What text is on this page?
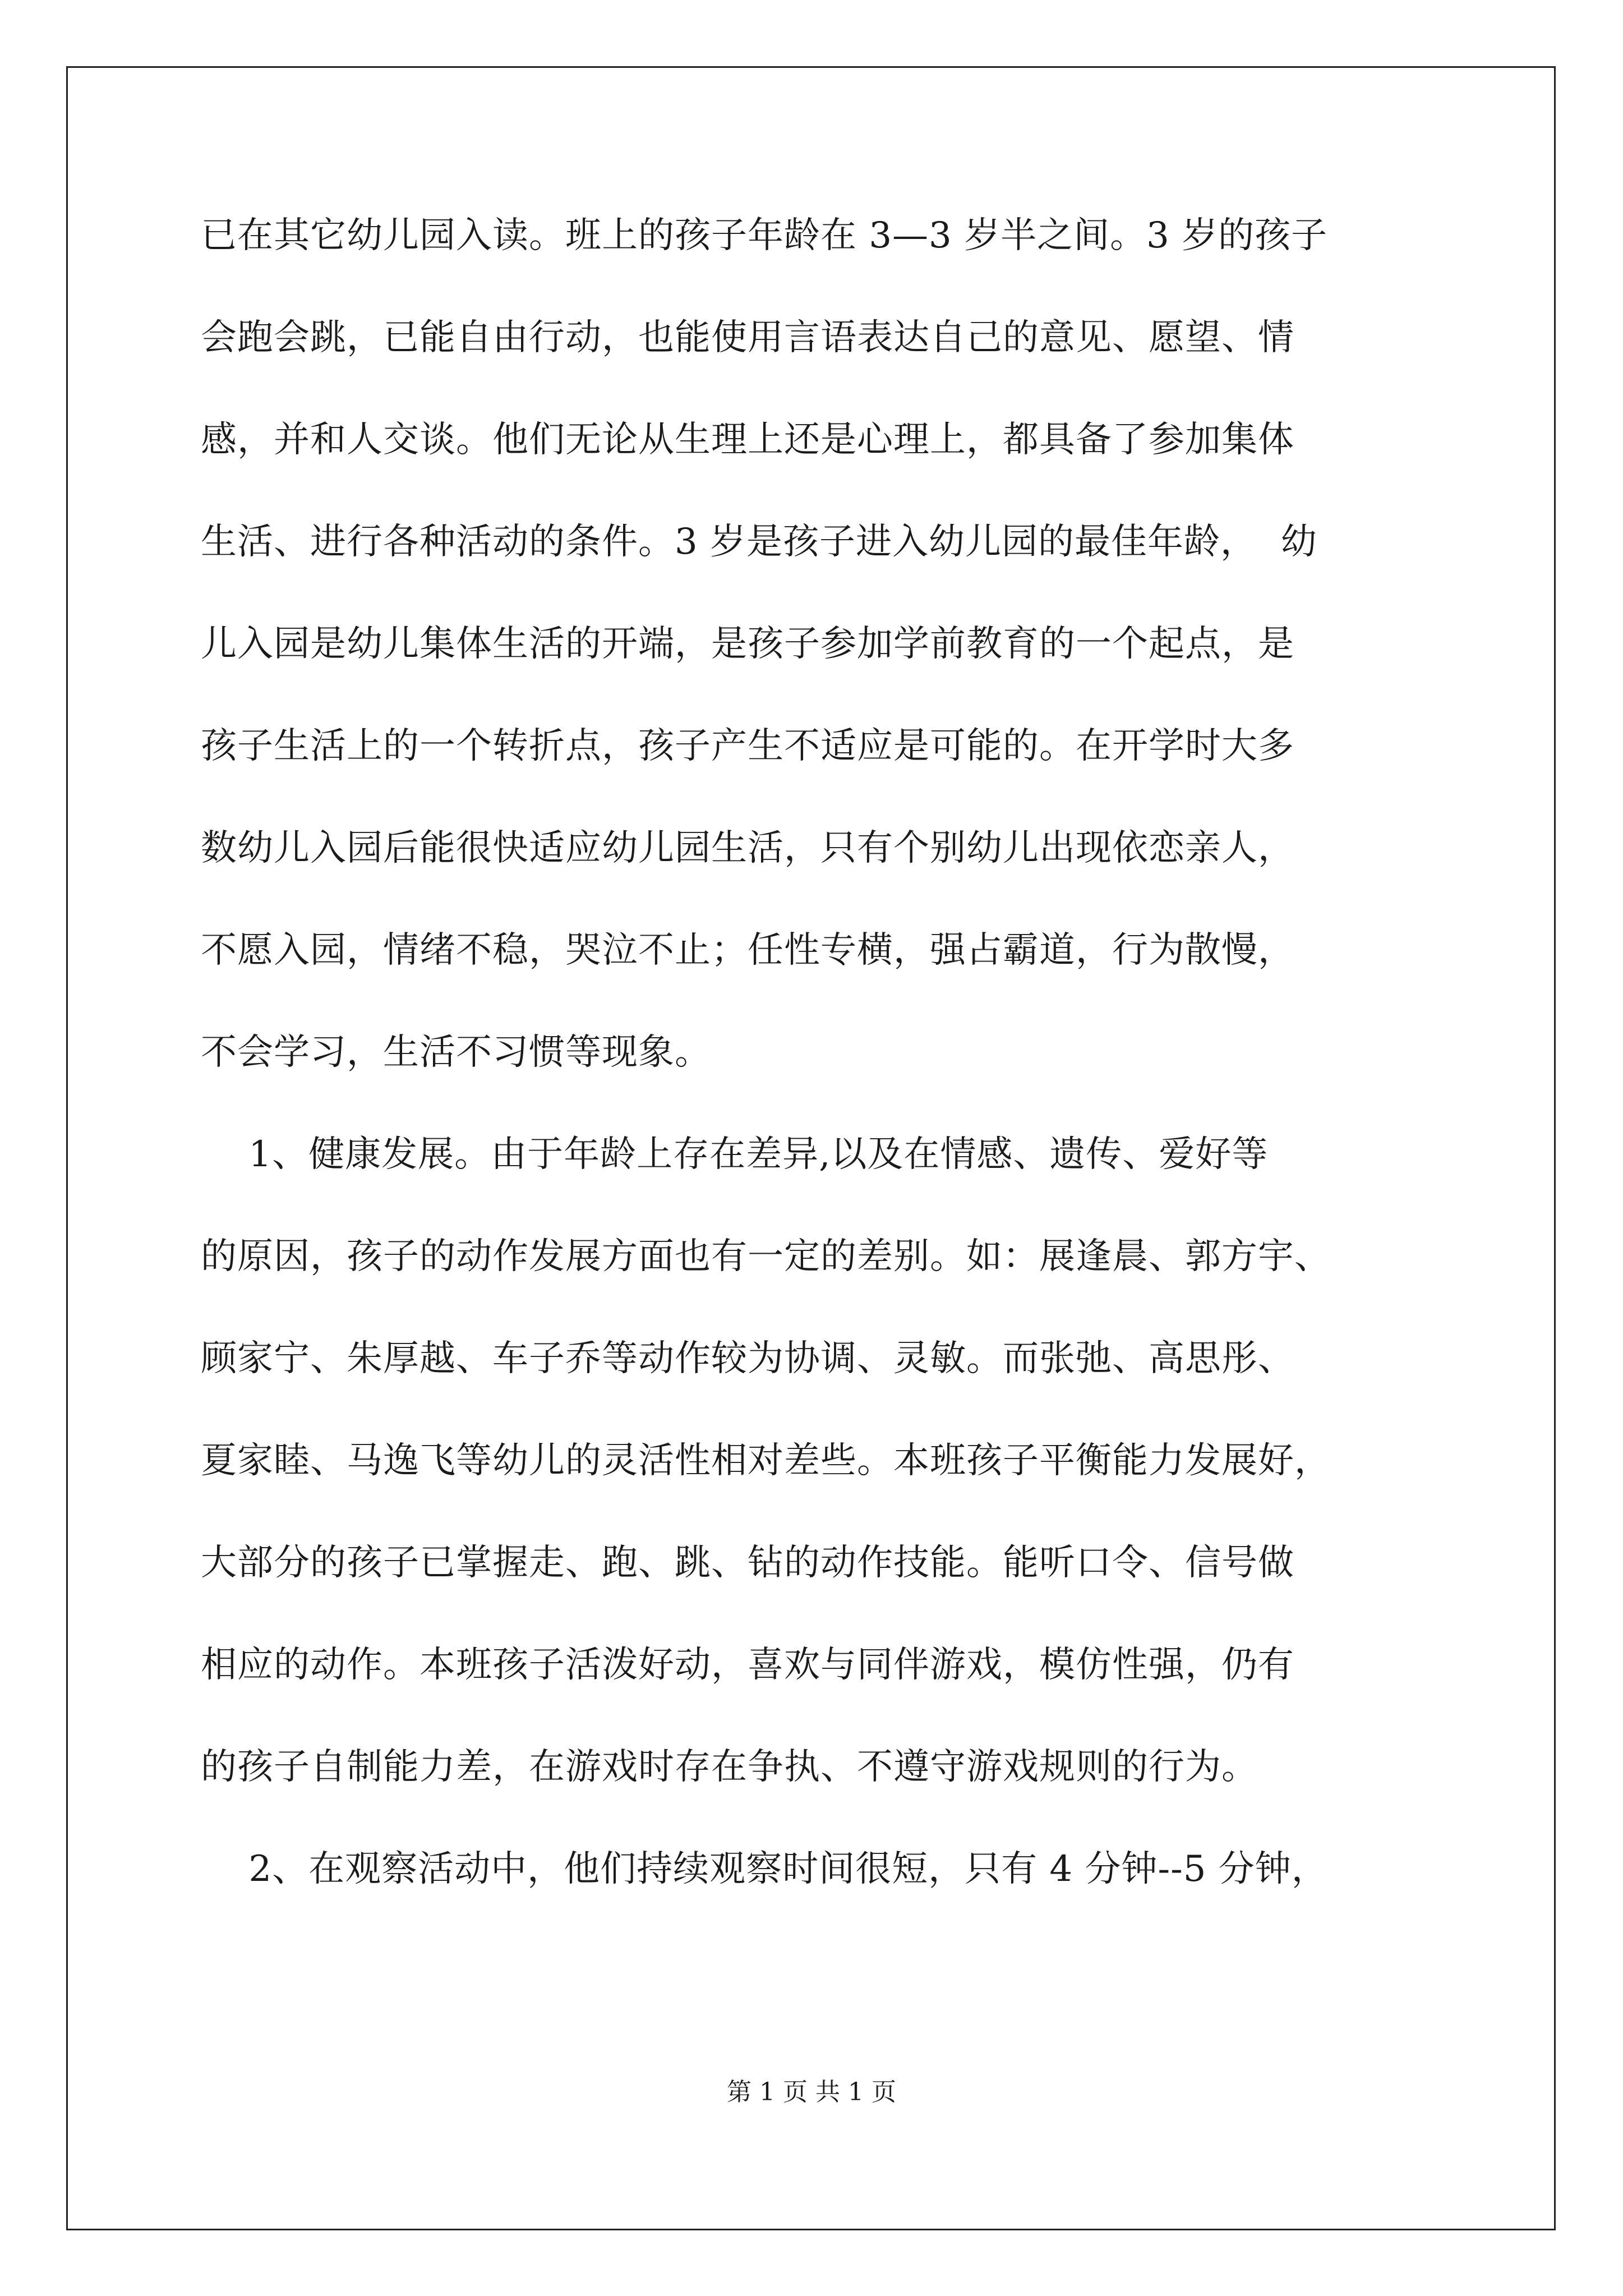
已在其它幼儿园入读。班上的孩子年龄在 3—3 岁半之间。3 岁的孩子
会跑会跳，已能自由行动，也能使用言语表达自己的意见、愿望、情
感，并和人交谈。他们无论从生理上还是心理上，都具备了参加集体
生活、进行各种活动的条件。3 岁是孩子进入幼儿园的最佳年龄，  幼
儿入园是幼儿集体生活的开端，是孩子参加学前教育的一个起点，是
孩子生活上的一个转折点，孩子产生不适应是可能的。在开学时大多
数幼儿入园后能很快适应幼儿园生活，只有个别幼儿出现依恋亲人，
不愿入园，情绪不稳，哭泣不止；任性专横，强占霸道，行为散慢，
不会学习，生活不习惯等现象。
1、健康发展。由于年龄上存在差异,以及在情感、遗传、爱好等
的原因，孩子的动作发展方面也有一定的差别。如：展逢晨、郭方宇、
顾家宁、朱厚越、车子乔等动作较为协调、灵敏。而张弛、高思彤、
夏家睦、马逸飞等幼儿的灵活性相对差些。本班孩子平衡能力发展好，
大部分的孩子已掌握走、跑、跳、钻的动作技能。能听口令、信号做
相应的动作。本班孩子活泼好动，喜欢与同伴游戏，模仿性强，仍有
的孩子自制能力差，在游戏时存在争执、不遵守游戏规则的行为。
2、在观察活动中，他们持续观察时间很短，只有 4 分钟--5 分钟，
第 1 页 共 1 页
